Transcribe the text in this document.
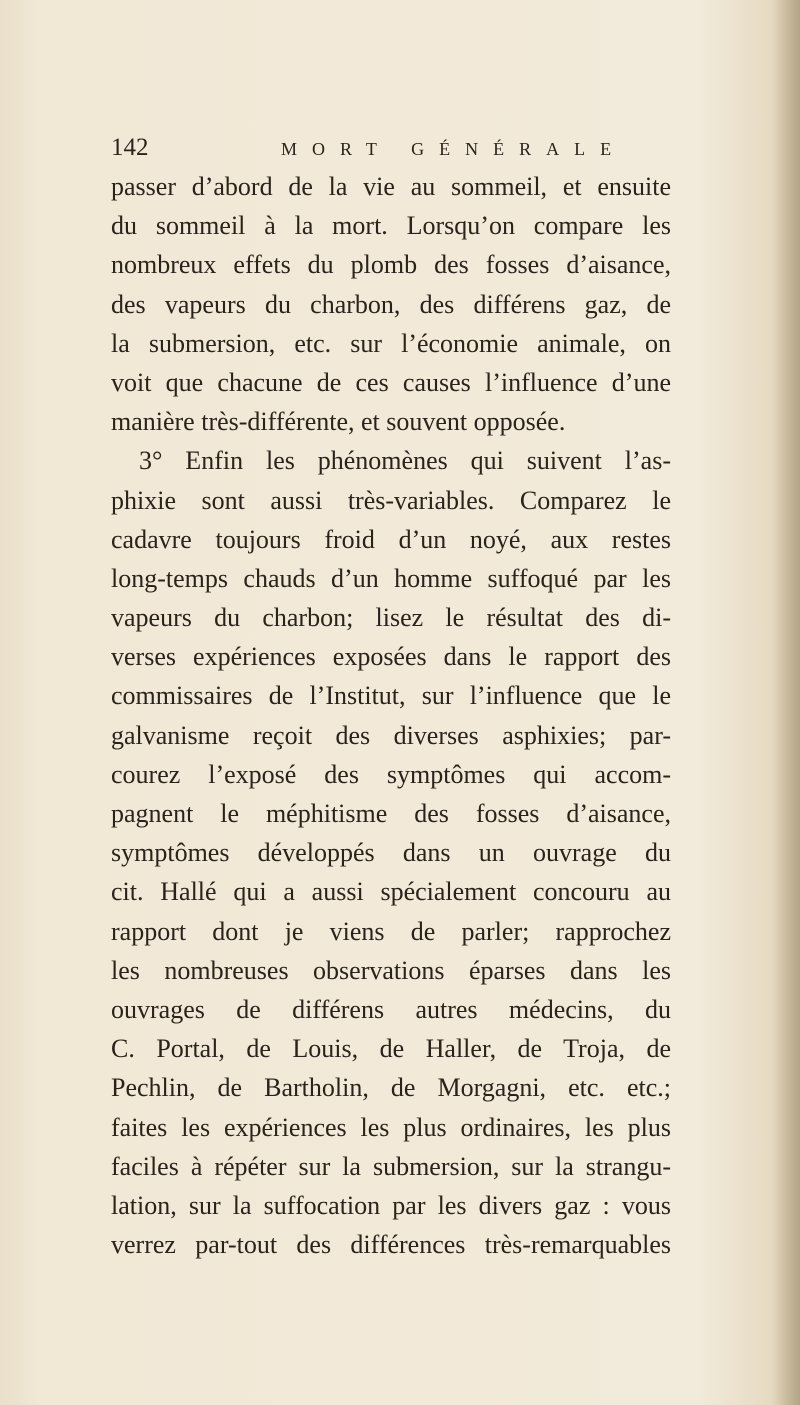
142	MORT GÉNÉRALE
passer d’abord de la vie au sommeil, et ensuite
du sommeil à la mort. Lorsqu’on compare les
nombreux effets du plomb des fosses d’aisance,
des vapeurs du charbon, des différens gaz, de
la submersion, etc. sur l’économie animale, on
voit que chacune de ces causes l’influence d’une
manière très-différente, et souvent opposée.
3° Enfin les phénomènes qui suivent l’as-
phixie sont aussi très-variables. Comparez le
cadavre toujours froid d’un noyé, aux restes
long-temps chauds d’un homme suffoqué par les
vapeurs du charbon; lisez le résultat des di-
verses expériences exposées dans le rapport des
commissaires de l’Institut, sur l’influence que le
galvanisme reçoit des diverses asphixies; par-
courez l’exposé des symptômes qui accom-
pagnent le méphitisme des fosses d’aisance,
symptômes développés dans un ouvrage du
cit. Hallé qui a aussi spécialement concouru au
rapport dont je viens de parler; rapprochez
les nombreuses observations éparses dans les
ouvrages de différens autres médecins, du
C. Portal, de Louis, de Haller, de Troja, de
Pechlin, de Bartholin, de Morgagni, etc. etc.;
faites les expériences les plus ordinaires, les plus
faciles à répéter sur la submersion, sur la strangu-
lation, sur la suffocation par les divers gaz : vous
verrez par-tout des différences très-remarquables
